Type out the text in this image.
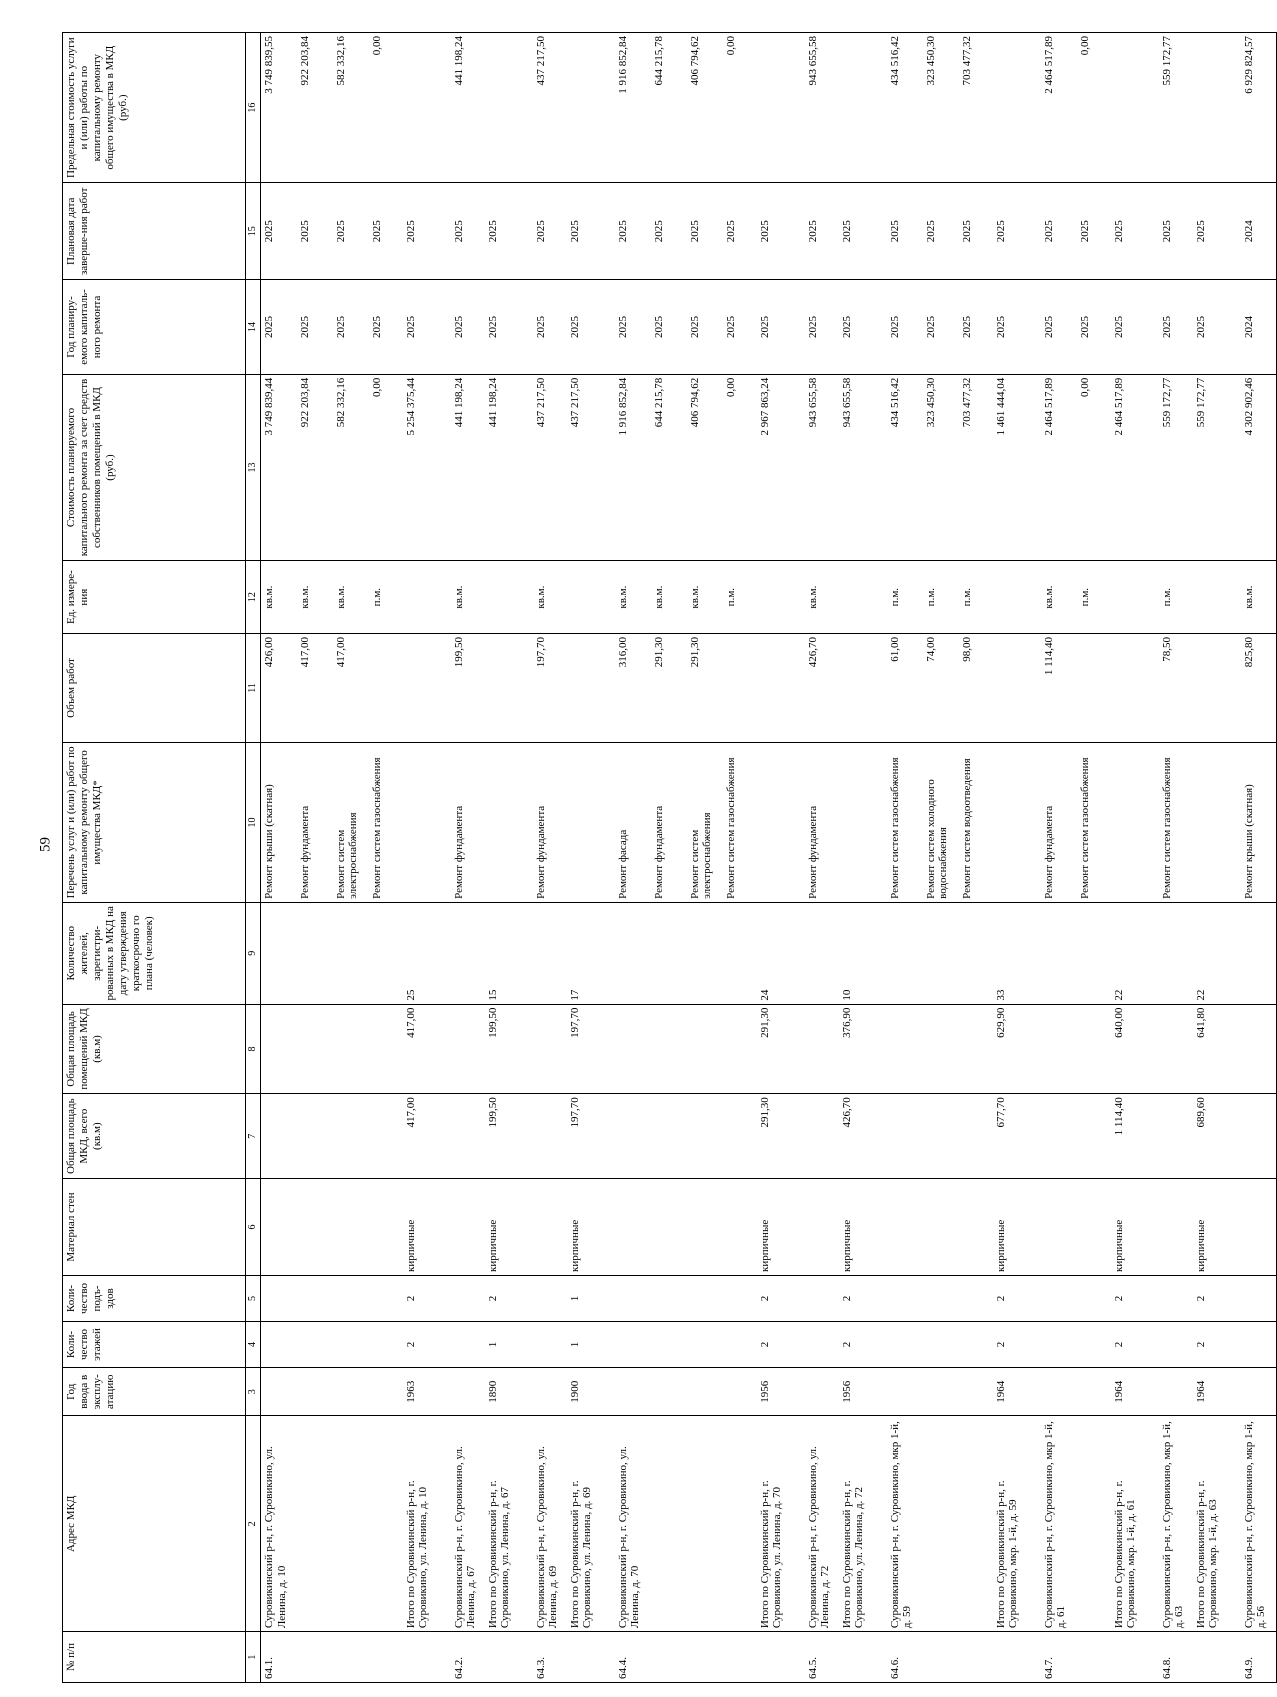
59
№ п/п	Адрес МКД	Год ввода в эксплу-атацию	Коли-чество этажей	Коли-чество подъ-здов	Материал стен	Общая площадь МКД, всего (кв.м)	Общая площадь помещений МКД (кв.м)	Количество жителей, зарегистри-рованных в МКД на дату утверждения краткосрочно го плана (человек)	Перечень услуг и (или) работ по капитальному ремонту общего имущества МКД*	Объем работ	Ед. измере-ния	Стоимость планируемого капитального ремонта за счет средств собственников помещений в МКД (руб.)	Год планиру-емого капиталь-ного ремонта	Плановая дата заверше-ния работ	Предельная стоимость услуги и (или) работы по капитальному ремонту общего имущества в МКД (руб.)
1	2	3	4	5	6	7	8	9	10	11	12	13	14	15	16
64.1.	Суровикинский р-н, г. Суровикино, ул. Ленина, д. 10								Ремонт крыши (скатная)	426,00	кв.м.	3 749 839,44	2025	2025	3 749 839,55
									Ремонт фундамента	417,00	кв.м.	922 203,84	2025	2025	922 203,84
									Ремонт систем электроснабжения	417,00	кв.м.	582 332,16	2025	2025	582 332,16
									Ремонт систем газоснабжения		п.м.	0,00	2025	2025	0,00
	Итого по Суровикинский р-н, г. Суровикино, ул. Ленина, д. 10	1963	2	2	кирпичные	417,00	417,00	25				5 254 375,44	2025	2025	
64.2.	Суровикинский р-н, г. Суровикино, ул. Ленина, д. 67								Ремонт фундамента	199,50	кв.м.	441 198,24	2025	2025	441 198,24
	Итого по Суровикинский р-н, г. Суровикино, ул. Ленина, д. 67	1890	1	2	кирпичные	199,50	199,50	15				441 198,24	2025	2025	
64.3.	Суровикинский р-н, г. Суровикино, ул. Ленина, д. 69								Ремонт фундамента	197,70	кв.м.	437 217,50	2025	2025	437 217,50
	Итого по Суровикинский р-н, г. Суровикино, ул. Ленина, д. 69	1900	1	1	кирпичные	197,70	197,70	17				437 217,50	2025	2025	
64.4.	Суровикинский р-н, г. Суровикино, ул. Ленина, д. 70								Ремонт фасада	316,00	кв.м.	1 916 852,84	2025	2025	1 916 852,84
									Ремонт фундамента	291,30	кв.м.	644 215,78	2025	2025	644 215,78
									Ремонт систем электроснабжения	291,30	кв.м.	406 794,62	2025	2025	406 794,62
									Ремонт систем газоснабжения		п.м.	0,00	2025	2025	0,00
	Итого по Суровикинский р-н, г. Суровикино, ул. Ленина, д. 70	1956	2	2	кирпичные	291,30	291,30	24				2 967 863,24	2025	2025	
64.5.	Суровикинский р-н, г. Суровикино, ул. Ленина, д. 72								Ремонт фундамента	426,70	кв.м.	943 655,58	2025	2025	943 655,58
	Итого по Суровикинский р-н, г. Суровикино, ул. Ленина, д. 72	1956	2	2	кирпичные	426,70	376,90	10				943 655,58	2025	2025	
64.6.	Суровикинский р-н, г. Суровикино, мкр 1-й, д. 59								Ремонт систем газоснабжения	61,00	п.м.	434 516,42	2025	2025	434 516,42
									Ремонт систем холодного водоснабжения	74,00	п.м.	323 450,30	2025	2025	323 450,30
									Ремонт систем водоотведения	98,00	п.м.	703 477,32	2025	2025	703 477,32
	Итого по Суровикинский р-н, г. Суровикино, мкр. 1-й, д. 59	1964	2	2	кирпичные	677,70	629,90	33				1 461 444,04	2025	2025	
64.7.	Суровикинский р-н, г. Суровикино, мкр 1-й, д. 61								Ремонт фундамента	1 114,40	кв.м.	2 464 517,89	2025	2025	2 464 517,89
									Ремонт систем газоснабжения		п.м.	0,00	2025	2025	0,00
	Итого по Суровикинский р-н, г. Суровикино, мкр. 1-й, д. 61	1964	2	2	кирпичные	1 114,40	640,00	22				2 464 517,89	2025	2025	
64.8.	Суровикинский р-н, г. Суровикино, мкр 1-й, д. 63								Ремонт систем газоснабжения	78,50	п.м.	559 172,77	2025	2025	559 172,77
	Итого по Суровикинский р-н, г. Суровикино, мкр. 1-й, д. 63	1964	2	2	кирпичные	689,60	641,80	22				559 172,77	2025	2025	
64.9.	Суровикинский р-н, г. Суровикино, мкр 1-й, д. 56								Ремонт крыши (скатная)	825,80	кв.м.	4 302 902,46	2024	2024	6 929 824,57
